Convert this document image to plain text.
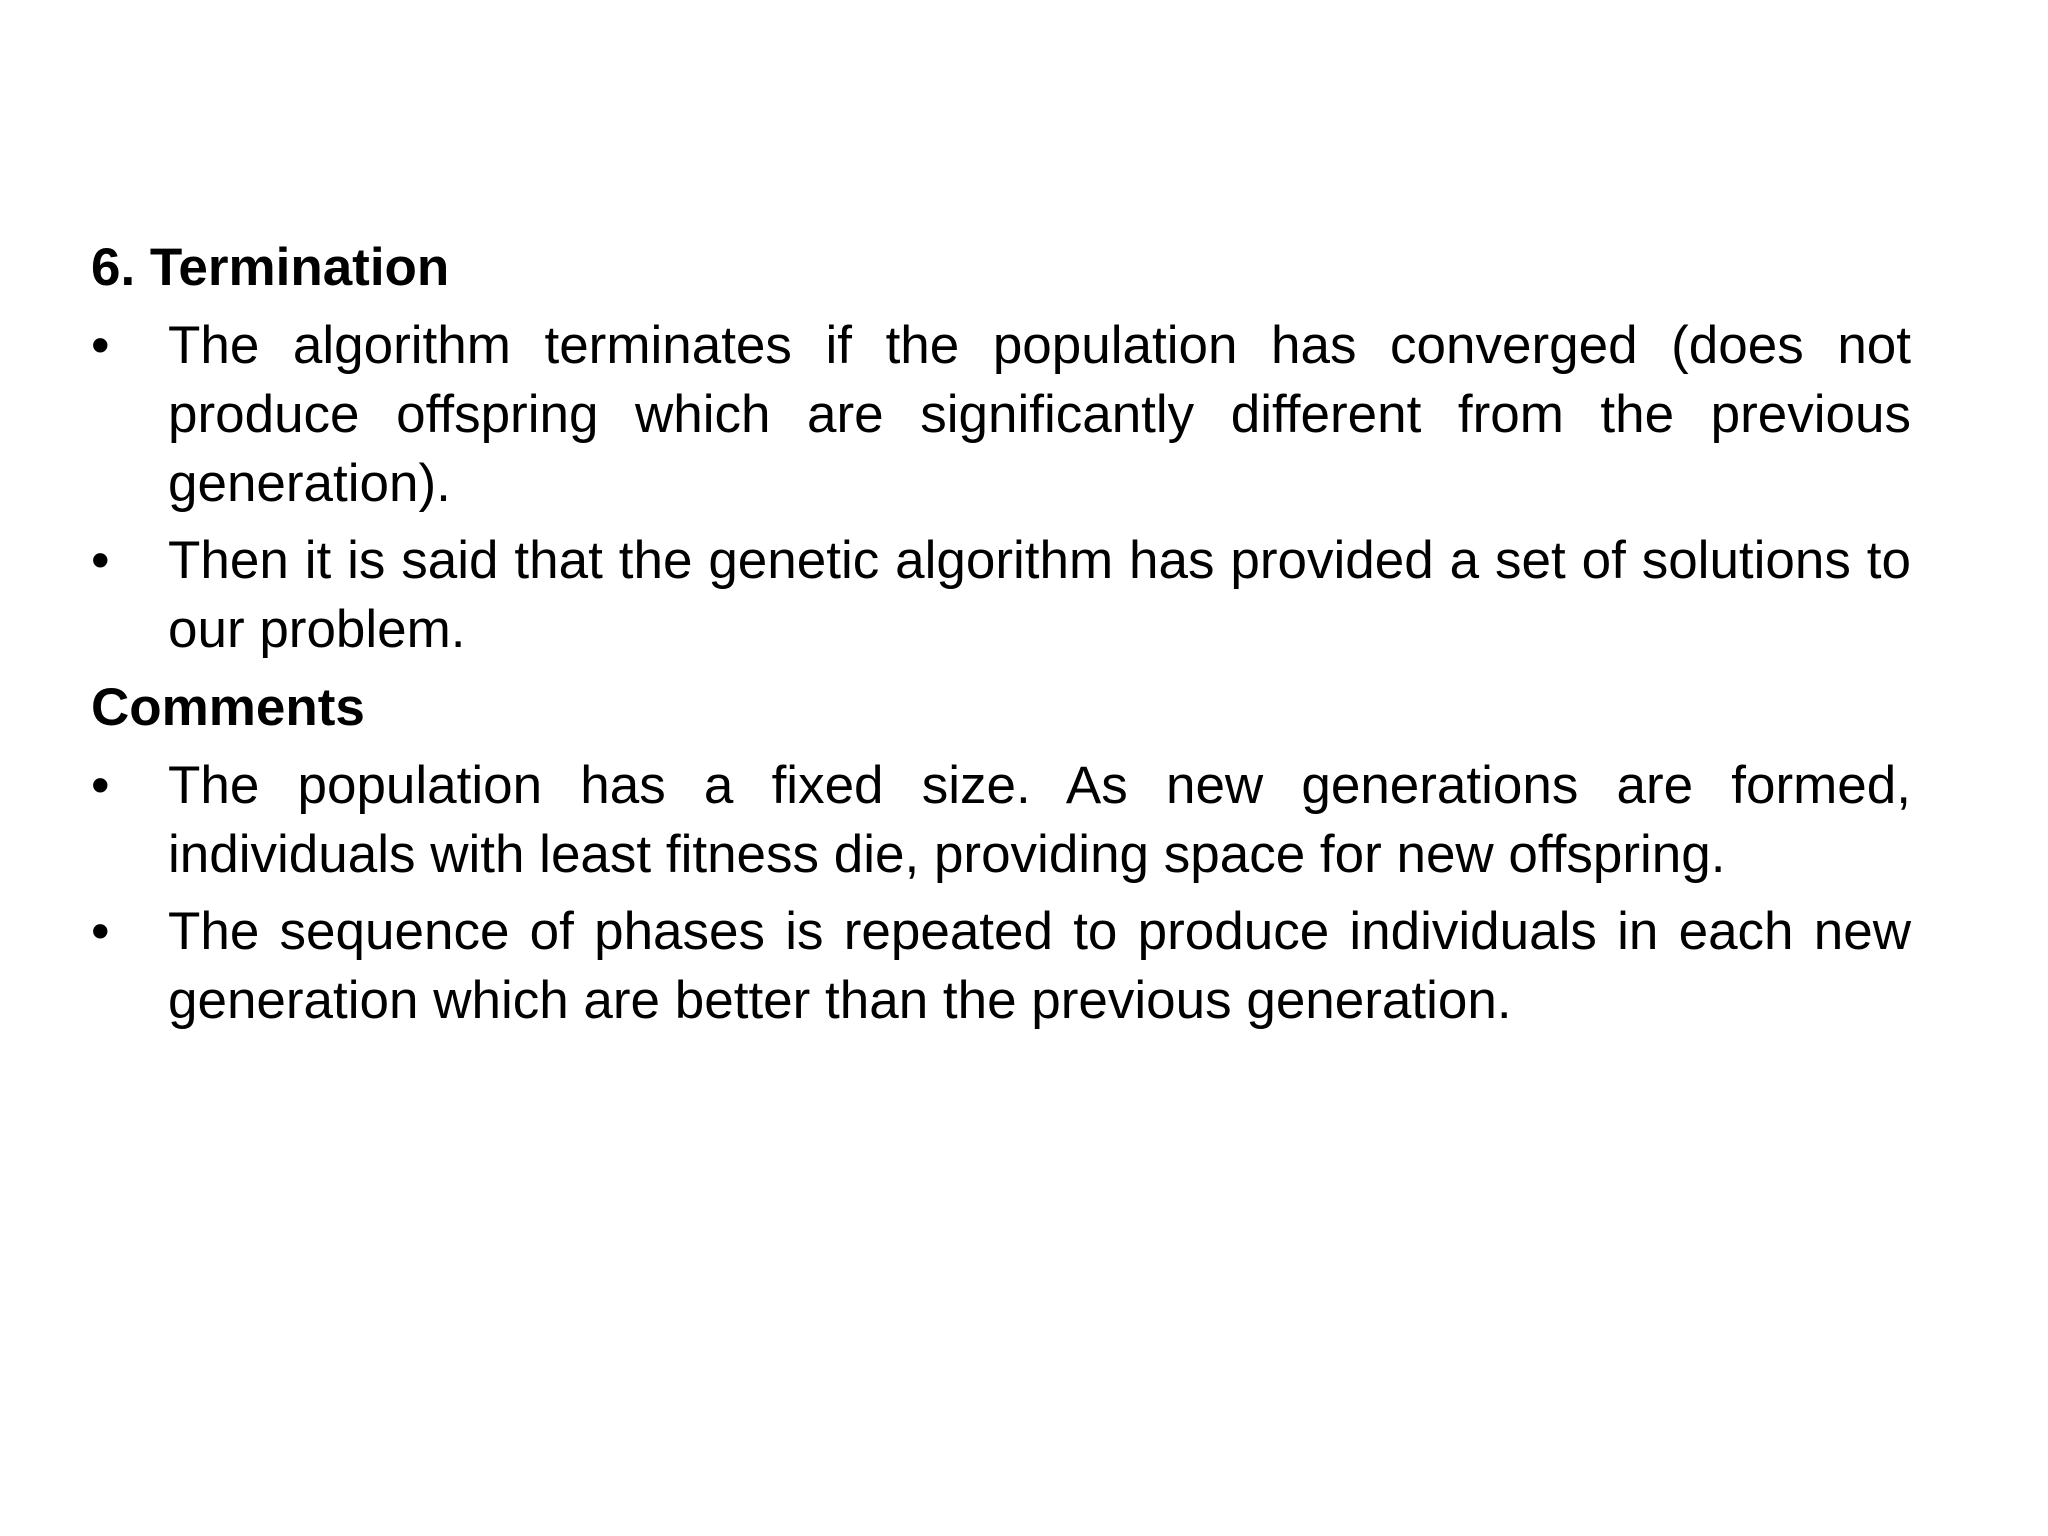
6. Termination
•	The algorithm terminates if the population has converged (does not produce offspring which are significantly different from the previous generation).
•	Then it is said that the genetic algorithm has provided a set of solutions to our problem.
Comments
•	The population has a fixed size. As new generations are formed, individuals with least fitness die, providing space for new offspring.
•	The sequence of phases is repeated to produce individuals in each new generation which are better than the previous generation.
